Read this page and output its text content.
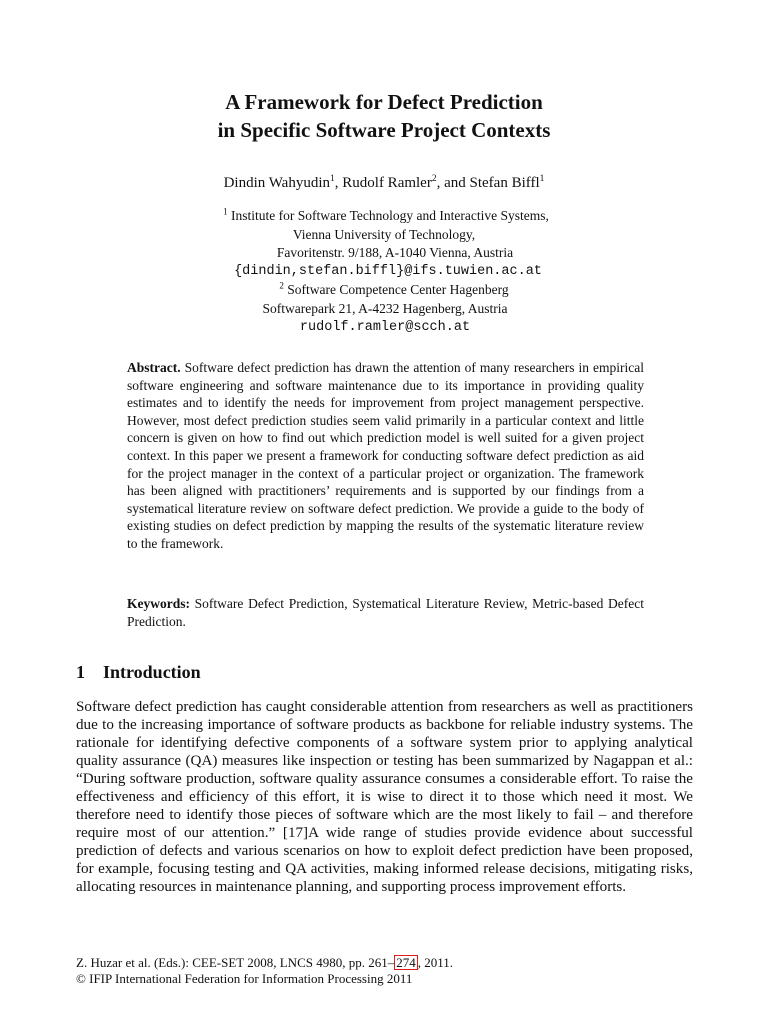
A Framework for Defect Prediction
in Specific Software Project Contexts
Dindin Wahyudin$^1$, Rudolf Ramler$^2$, and Stefan Biffl$^1$
$^1$ Institute for Software Technology and Interactive Systems,
Vienna University of Technology,
Favoritenstr. 9/188, A-1040 Vienna, Austria
{dindin,stefan.biffl}@ifs.tuwien.ac.at
$^2$ Software Competence Center Hagenberg
Softwarepark 21, A-4232 Hagenberg, Austria
rudolf.ramler@scch.at
Abstract. Software defect prediction has drawn the attention of many researchers in empirical software engineering and software maintenance due to its importance in providing quality estimates and to identify the needs for improvement from project management perspective. However, most defect prediction studies seem valid primarily in a particular context and little concern is given on how to find out which prediction model is well suited for a given project context. In this paper we present a framework for conducting software defect prediction as aid for the project manager in the context of a particular project or organization. The framework has been aligned with practitioners’ requirements and is supported by our findings from a systematical literature review on software defect prediction. We provide a guide to the body of existing studies on defect prediction by mapping the results of the systematic literature review to the framework.
Keywords: Software Defect Prediction, Systematical Literature Review, Metric-based Defect Prediction.
1 Introduction
Software defect prediction has caught considerable attention from researchers as well as practitioners due to the increasing importance of software products as backbone for reliable industry systems. The rationale for identifying defective components of a software system prior to applying analytical quality assurance (QA) measures like inspection or testing has been summarized by Nagappan et al.: “During software production, software quality assurance consumes a considerable effort. To raise the effectiveness and efficiency of this effort, it is wise to direct it to those which need it most. We therefore need to identify those pieces of software which are the most likely to fail – and therefore require most of our attention.” [17]A wide range of studies provide evidence about successful prediction of defects and various scenarios on how to exploit defect prediction have been proposed, for example, focusing testing and QA activities, making informed release decisions, mitigating risks, allocating resources in maintenance planning, and supporting process improvement efforts.
Z. Huzar et al. (Eds.): CEE-SET 2008, LNCS 4980, pp. 261– 274 , 2011.
© IFIP International Federation for Information Processing 2011
